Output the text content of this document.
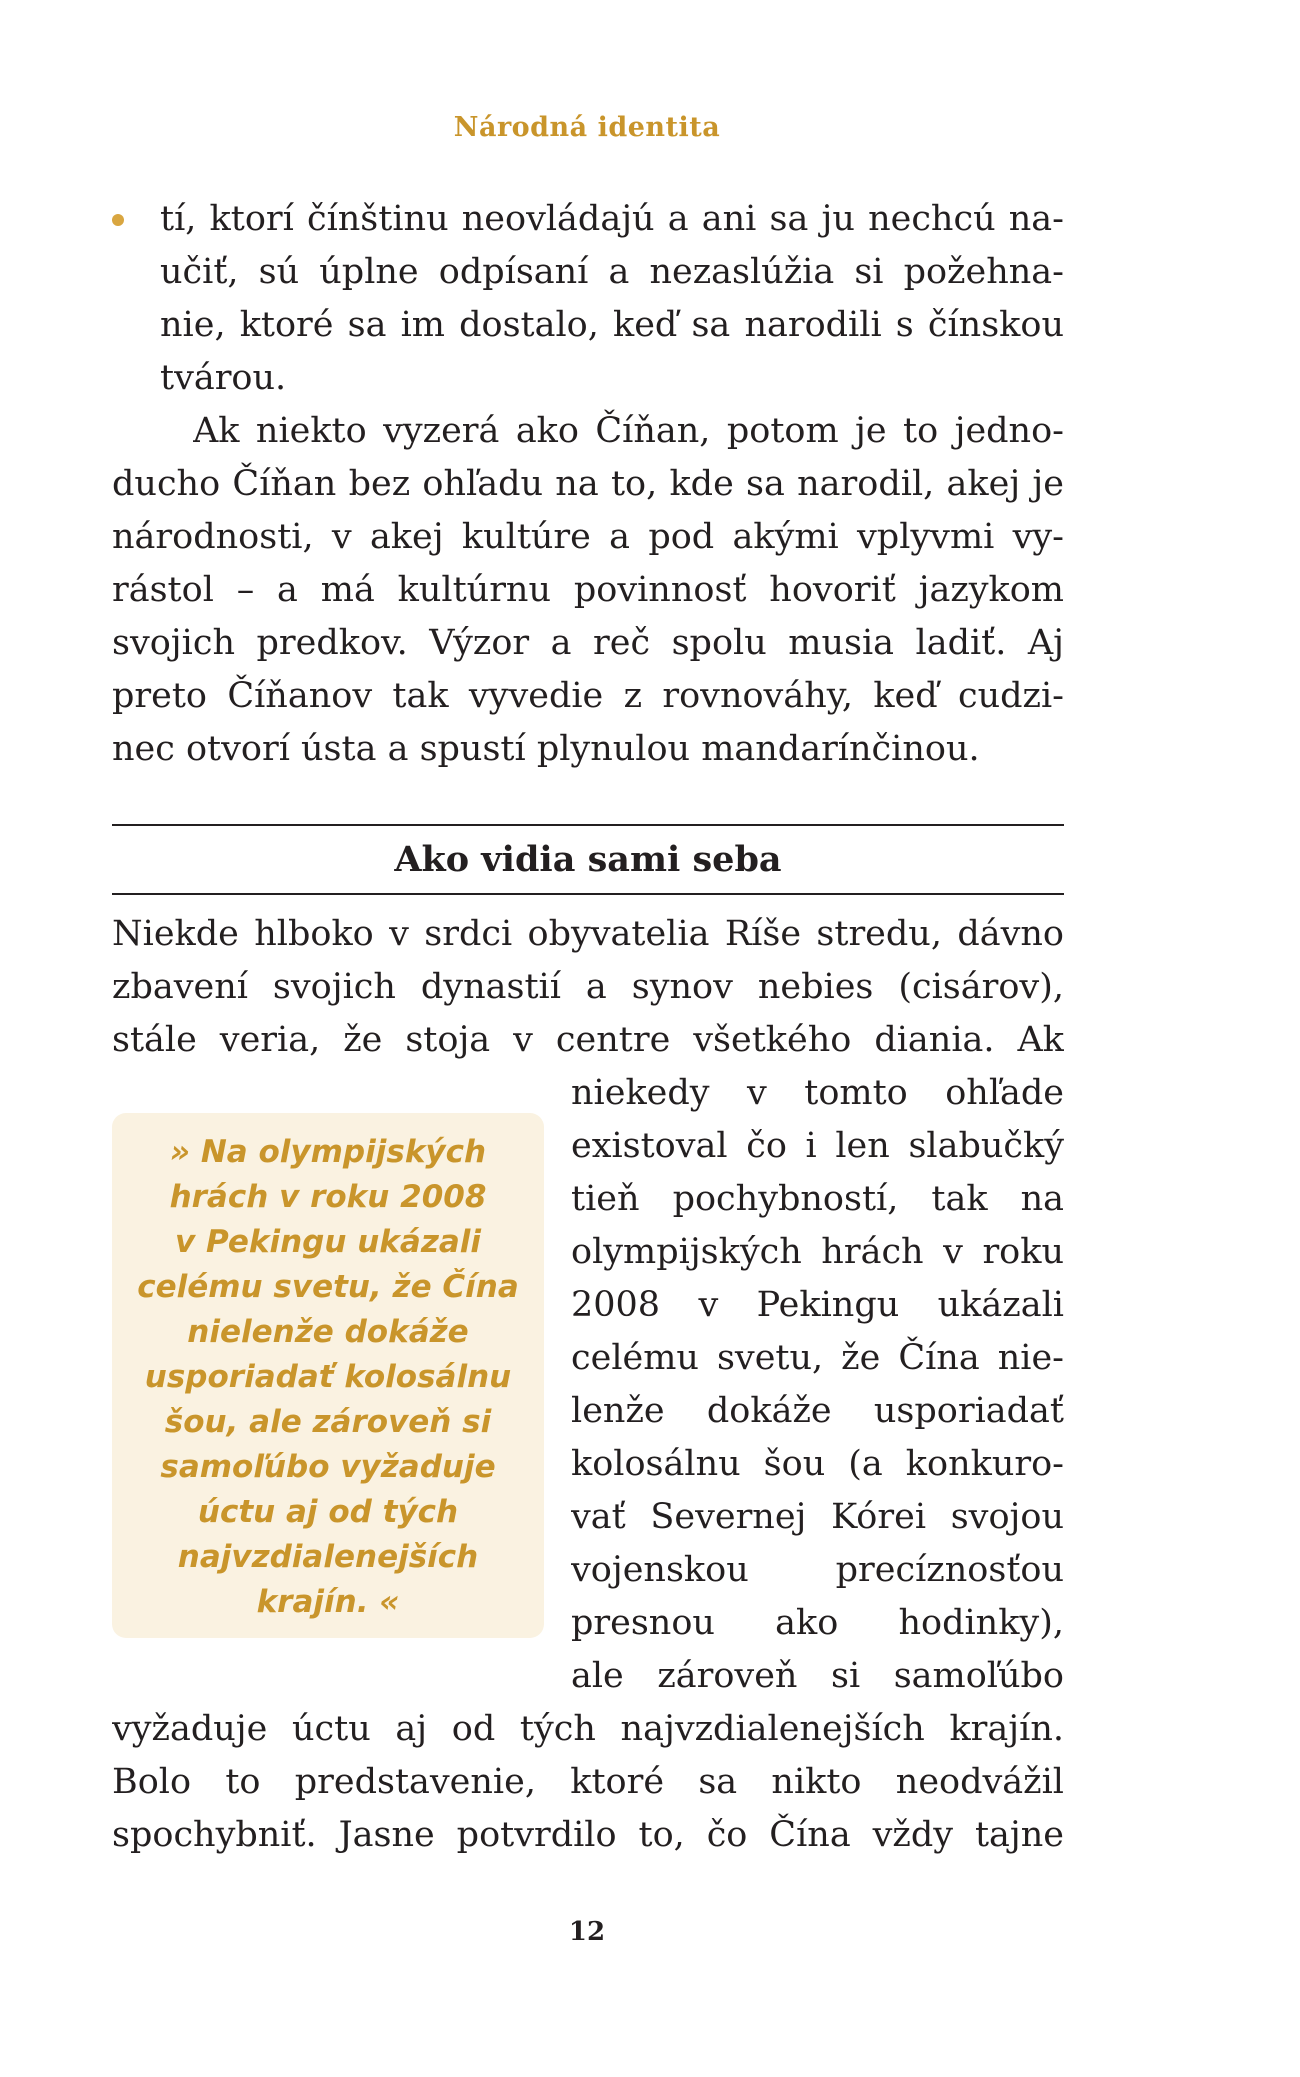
Národná identita
tí, ktorí čínštinu neovládajú a ani sa ju nechcú na-
učiť, sú úplne odpísaní a nezaslúžia si požehna-
nie, ktoré sa im dostalo, keď sa narodili s čínskou
tvárou.
Ak niekto vyzerá ako Číňan, potom je to jedno-
ducho Číňan bez ohľadu na to, kde sa narodil, akej je
národnosti, v akej kultúre a pod akými vplyvmi vy-
rástol – a má kultúrnu povinnosť hovoriť jazykom
svojich predkov. Výzor a reč spolu musia ladiť. Aj
preto Číňanov tak vyvedie z rovnováhy, keď cudzi-
nec otvorí ústa a spustí plynulou mandarínčinou.
Ako vidia sami seba
Niekde hlboko v srdci obyvatelia Ríše stredu, dávno
zbavení svojich dynastií a synov nebies (cisárov),
stále veria, že stoja v centre všetkého diania. Ak
niekedy v tomto ohľade
existoval čo i len slabučký
tieň pochybností, tak na
olympijských hrách v roku
2008 v Pekingu ukázali
celému svetu, že Čína nie-
lenže dokáže usporiadať
kolosálnu šou (a konkuro-
vať Severnej Kórei svojou
vojenskou precíznosťou
presnou ako hodinky),
ale zároveň si samoľúbo
vyžaduje úctu aj od tých najvzdialenejších krajín.
Bolo to predstavenie, ktoré sa nikto neodvážil
spochybniť. Jasne potvrdilo to, čo Čína vždy tajne
» Na olympijských
hrách v roku 2008
v Pekingu ukázali
celému svetu, že Čína
nielenže dokáže
usporiadať kolosálnu
šou, ale zároveň si
samoľúbo vyžaduje
úctu aj od tých
najvzdialenejších
krajín. «
12
